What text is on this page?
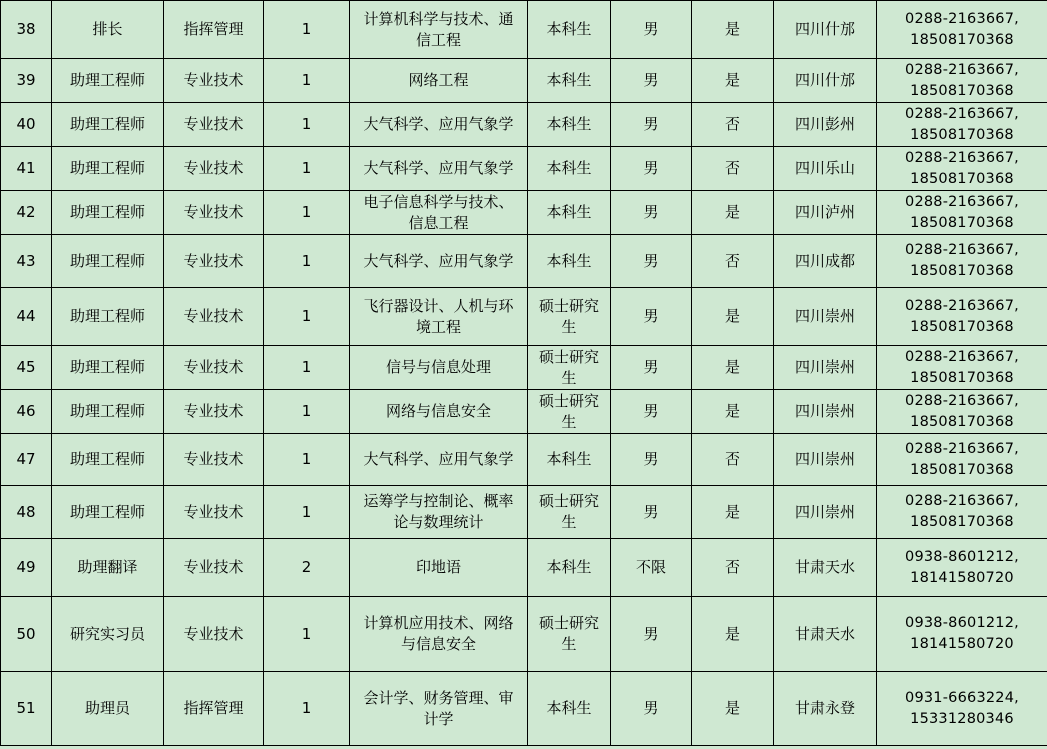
38	排长	指挥管理	1	计算机科学与技术、通
信工程	本科生	男	是	四川什邡	0288-2163667,
18508170368

39	助理工程师	专业技术	1	网络工程	本科生	男	是	四川什邡	0288-2163667,
18508170368

40	助理工程师	专业技术	1	大气科学、应用气象学	本科生	男	否	四川彭州	0288-2163667,
18508170368

41	助理工程师	专业技术	1	大气科学、应用气象学	本科生	男	否	四川乐山	0288-2163667,
18508170368

42	助理工程师	专业技术	1	电子信息科学与技术、
信息工程	本科生	男	是	四川泸州	0288-2163667,
18508170368

43	助理工程师	专业技术	1	大气科学、应用气象学	本科生	男	否	四川成都	0288-2163667,
18508170368

44	助理工程师	专业技术	1	飞行器设计、人机与环
境工程	硕士研究
生	男	是	四川崇州	0288-2163667,
18508170368

45	助理工程师	专业技术	1	信号与信息处理	硕士研究
生	男	是	四川崇州	0288-2163667,
18508170368

46	助理工程师	专业技术	1	网络与信息安全	硕士研究
生	男	是	四川崇州	0288-2163667,
18508170368

47	助理工程师	专业技术	1	大气科学、应用气象学	本科生	男	否	四川崇州	0288-2163667,
18508170368

48	助理工程师	专业技术	1	运筹学与控制论、概率
论与数理统计	硕士研究
生	男	是	四川崇州	0288-2163667,
18508170368

49	助理翻译	专业技术	2	印地语	本科生	不限	否	甘肃天水	0938-8601212,
18141580720

50	研究实习员	专业技术	1	计算机应用技术、网络
与信息安全	硕士研究
生	男	是	甘肃天水	0938-8601212,
18141580720

51	助理员	指挥管理	1	会计学、财务管理、审
计学	本科生	男	是	甘肃永登	0931-6663224,
15331280346
